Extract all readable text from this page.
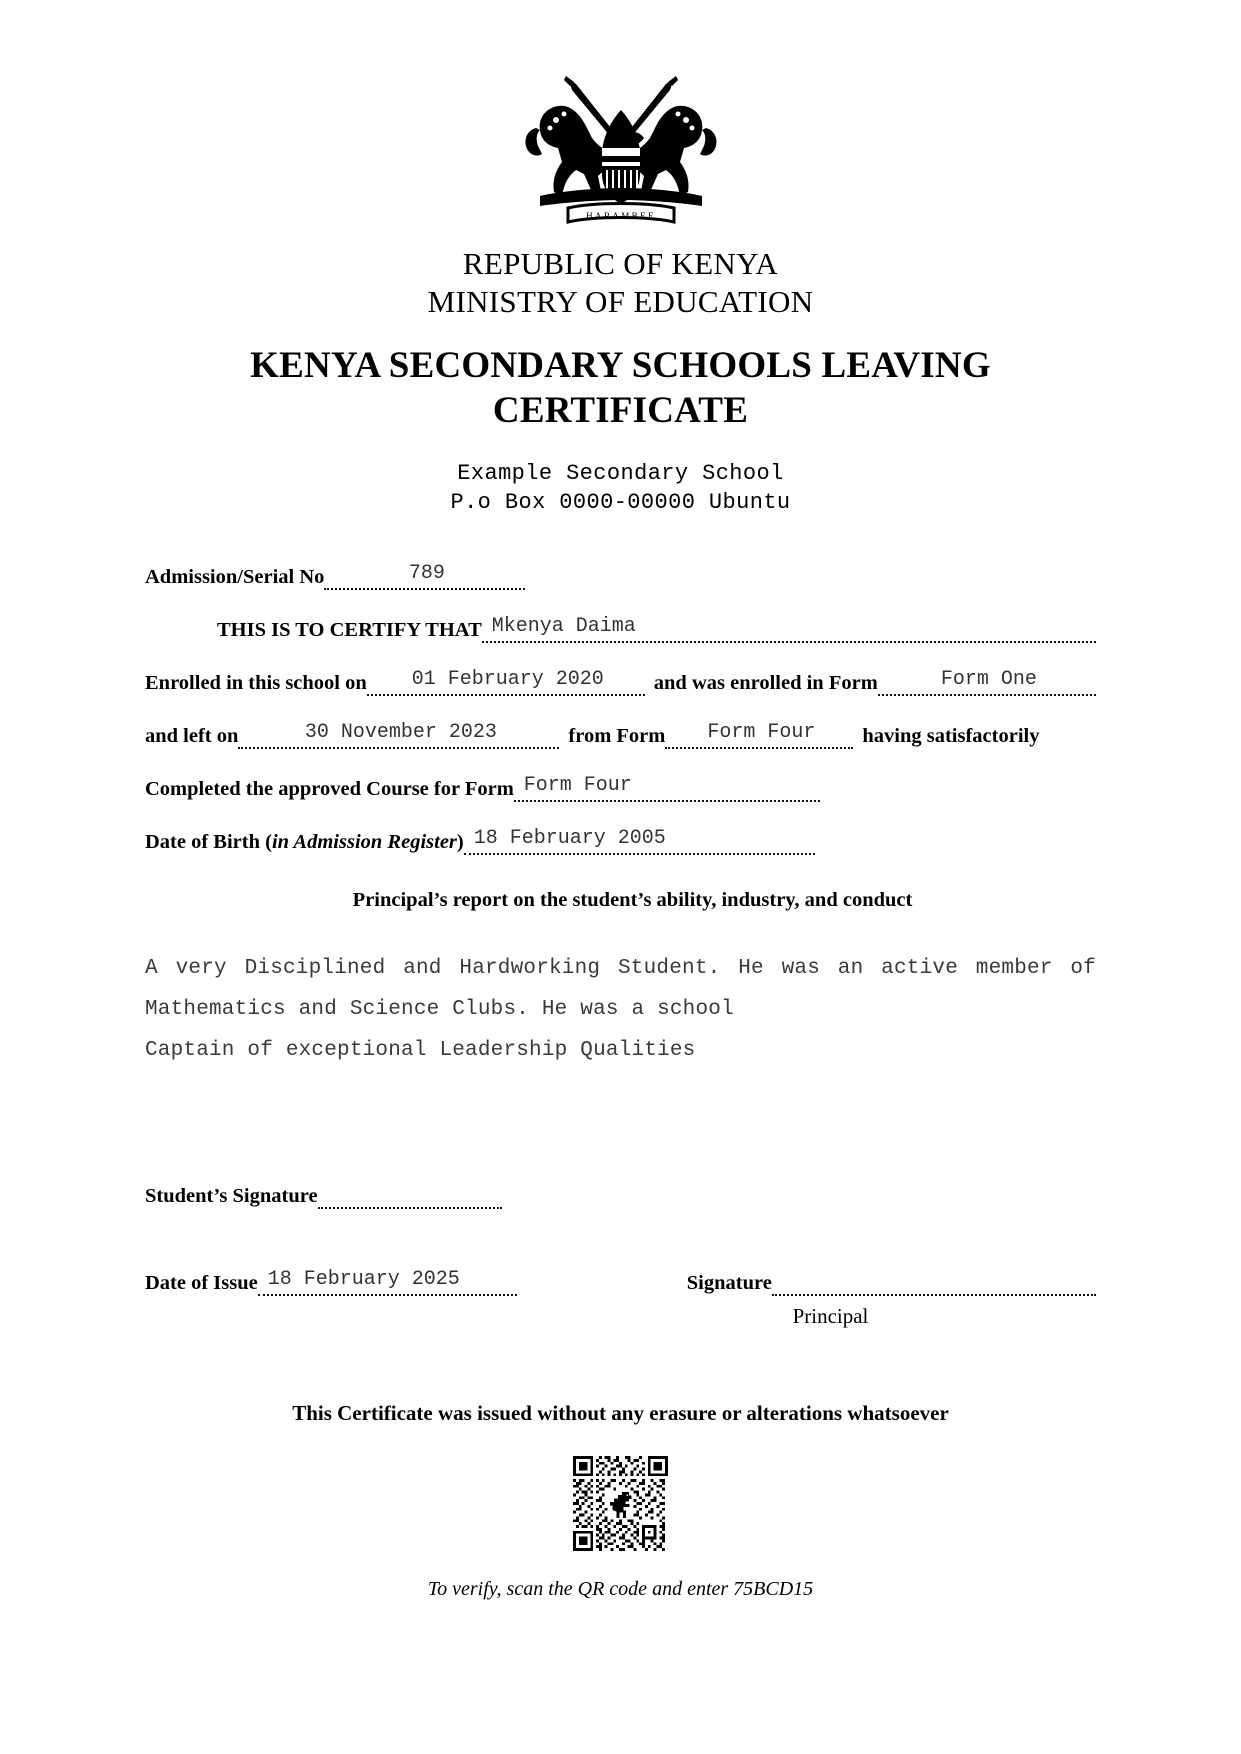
HARAMBEE
REPUBLIC OF KENYA
MINISTRY OF EDUCATION
KENYA SECONDARY SCHOOLS LEAVING
CERTIFICATE
Example Secondary School
P.o Box 0000-00000 Ubuntu
Admission/Serial No	789
THIS IS TO CERTIFY THAT Mkenya Daima
Enrolled in this school on	01 February 2020	and was enrolled in Form	Form One
and left on	30 November 2023	from Form	Form Four	having satisfactorily
Completed the approved Course for Form Form Four
Date of Birth (in Admission Register) 18 February 2005
Principal’s report on the student’s ability, industry, and conduct
A very Disciplined and Hardworking Student. He was an active member of Mathematics and Science Clubs. He was a school
Captain of exceptional Leadership Qualities
Student’s Signature
Date of Issue 18 February 2025	Signature
Principal
This Certificate was issued without any erasure or alterations whatsoever
To verify, scan the QR code and enter 75BCD15
